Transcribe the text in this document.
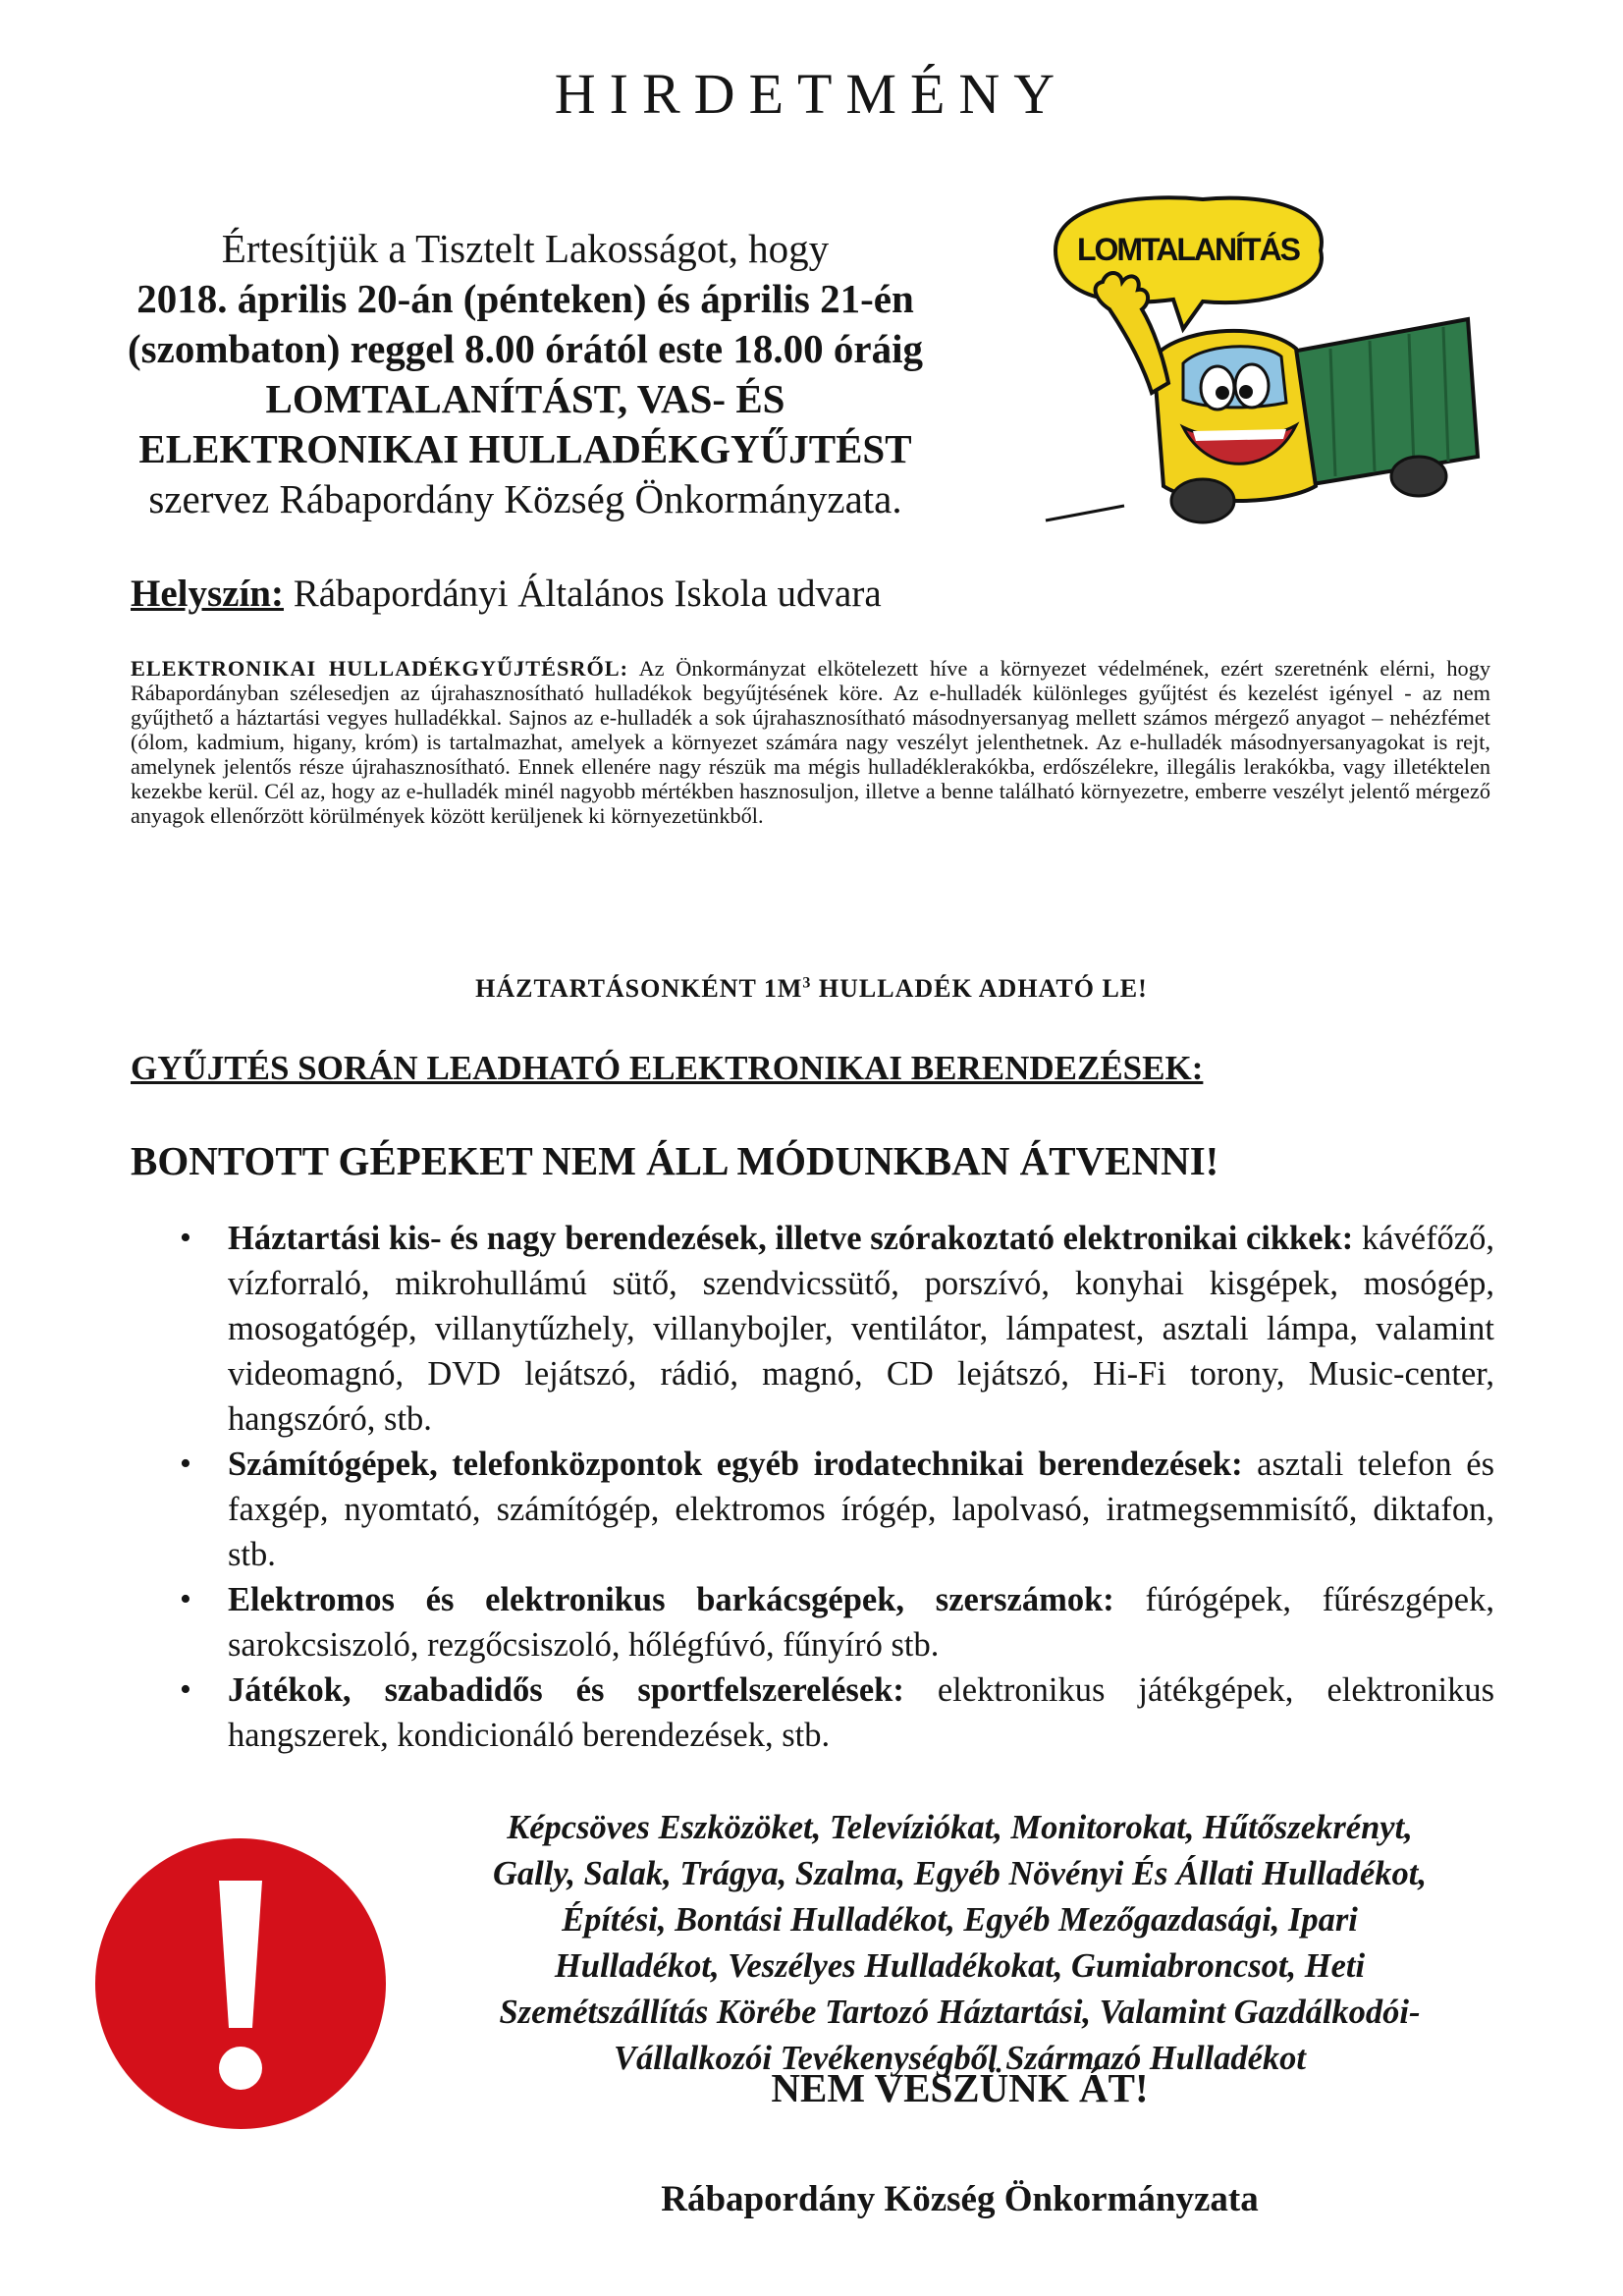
HIRDETMÉNY
Értesítjük a Tisztelt Lakosságot, hogy
2018. április 20-án (pénteken) és április 21-én
(szombaton) reggel 8.00 órától este 18.00 óráig
LOMTALANÍTÁST, VAS- ÉS
ELEKTRONIKAI HULLADÉKGYŰJTÉST
szervez Rábapordány Község Önkormányzata.
LOMTALANÍTÁS
Helyszín: Rábapordányi Általános Iskola udvara
ELEKTRONIKAI HULLADÉKGYŰJTÉSRŐL: Az Önkormányzat elkötelezett híve a környezet védelmének, ezért szeretnénk elérni, hogy Rábapordányban szélesedjen az újrahasznosítható hulladékok begyűjtésének köre. Az e-hulladék különleges gyűjtést és kezelést igényel - az nem gyűjthető a háztartási vegyes hulladékkal. Sajnos az e-hulladék a sok újrahasznosítható másodnyersanyag mellett számos mérgező anyagot – nehézfémet (ólom, kadmium, higany, króm) is tartalmazhat, amelyek a környezet számára nagy veszélyt jelenthetnek. Az e-hulladék másodnyersanyagokat is rejt, amelynek jelentős része újrahasznosítható. Ennek ellenére nagy részük ma mégis hulladéklerakókba, erdőszélekre, illegális lerakókba, vagy illetéktelen kezekbe kerül. Cél az, hogy az e-hulladék minél nagyobb mértékben hasznosuljon, illetve a benne található környezetre, emberre veszélyt jelentő mérgező anyagok ellenőrzött körülmények között kerüljenek ki környezetünkből.
HÁZTARTÁSONKÉNT $1M^3$ HULLADÉK ADHATÓ LE!
GYŰJTÉS SORÁN LEADHATÓ ELEKTRONIKAI BERENDEZÉSEK:
BONTOTT GÉPEKET NEM ÁLL MÓDUNKBAN ÁTVENNI!
• Háztartási kis- és nagy berendezések, illetve szórakoztató elektronikai cikkek: kávéfőző, vízforraló, mikrohullámú sütő, szendvicssütő, porszívó, konyhai kisgépek, mosógép, mosogatógép, villanytűzhely, villanybojler, ventilátor, lámpatest, asztali lámpa, valamint videomagnó, DVD lejátszó, rádió, magnó, CD lejátszó, Hi-Fi torony, Music-center, hangszóró, stb.
• Számítógépek, telefonközpontok egyéb irodatechnikai berendezések: asztali telefon és faxgép, nyomtató, számítógép, elektromos írógép, lapolvasó, iratmegsemmisítő, diktafon, stb.
• Elektromos és elektronikus barkácsgépek, szerszámok: fúrógépek, fűrészgépek, sarokcsiszoló, rezgőcsiszoló, hőlégfúvó, fűnyíró stb.
• Játékok, szabadidős és sportfelszerelések: elektronikus játékgépek, elektronikus hangszerek, kondicionáló berendezések, stb.
Képcsöves Eszközöket, Televíziókat, Monitorokat, Hűtőszekrényt,
Gally, Salak, Trágya, Szalma, Egyéb Növényi És Állati Hulladékot,
Építési, Bontási Hulladékot, Egyéb Mezőgazdasági, Ipari
Hulladékot, Veszélyes Hulladékokat, Gumiabroncsot, Heti
Szemétszállítás Körébe Tartozó Háztartási, Valamint Gazdálkodói-
Vállalkozói Tevékenységből Származó Hulladékot
NEM VESZÜNK ÁT!
Rábapordány Község Önkormányzata
